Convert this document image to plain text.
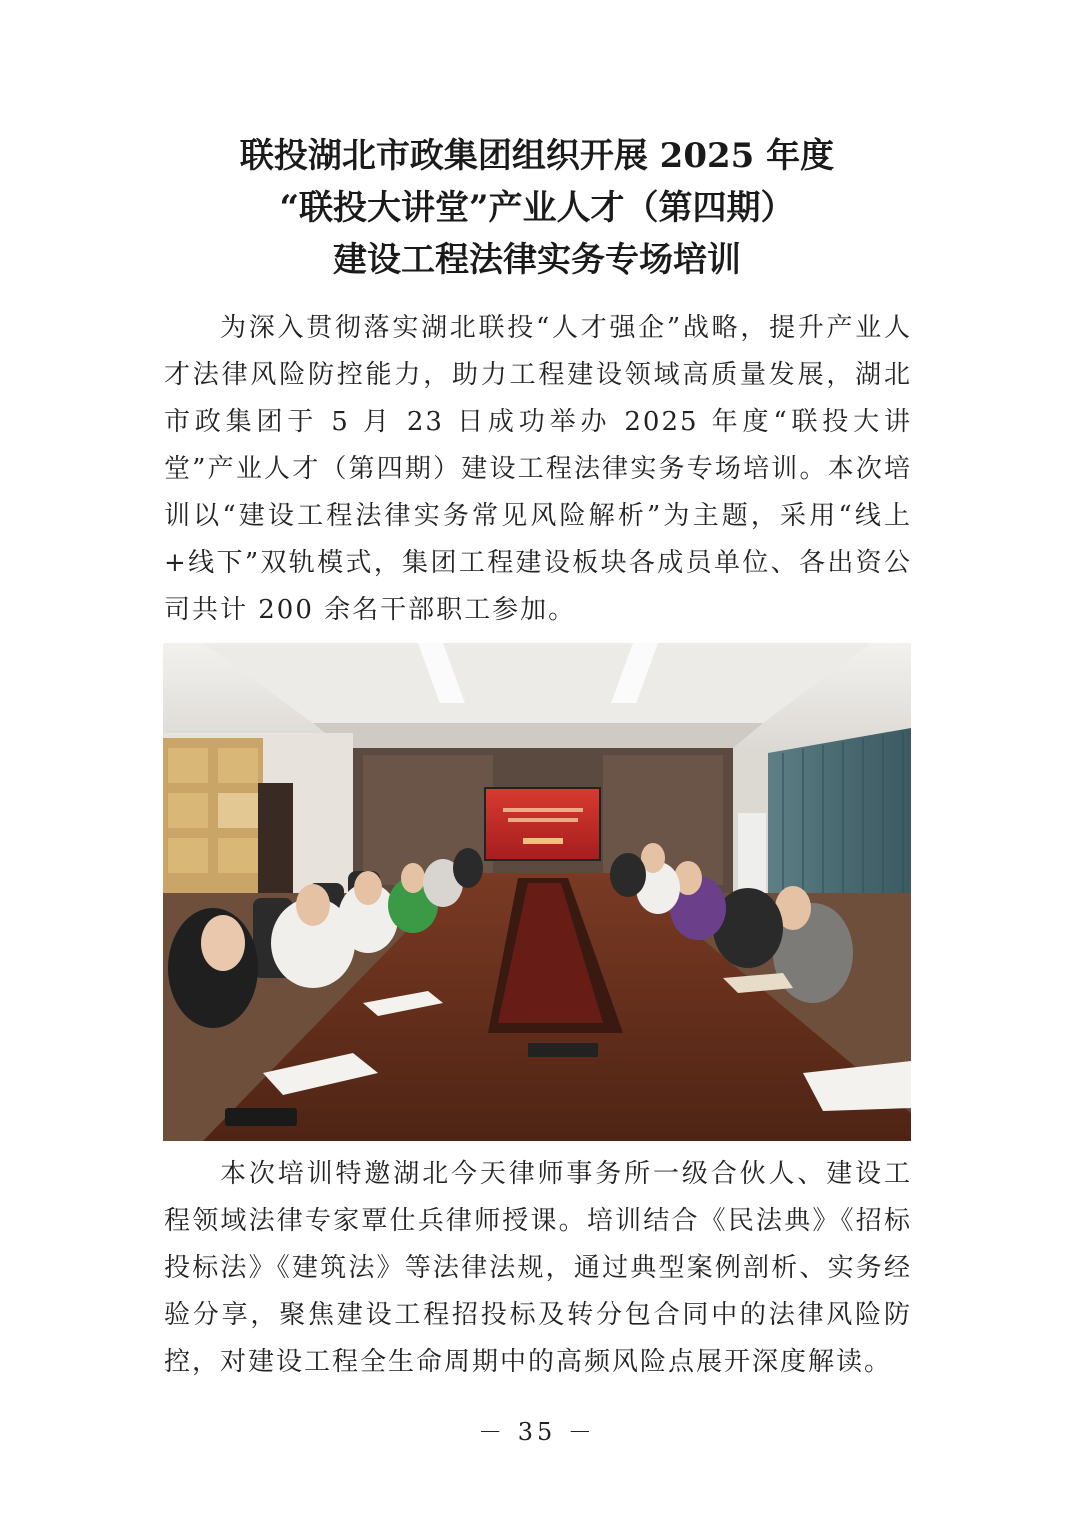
联投湖北市政集团组织开展 2025 年度
“联投大讲堂”产业人才（第四期）
建设工程法律实务专场培训

为深入贯彻落实湖北联投“人才强企”战略，提升产业人才法律风险防控能力，助力工程建设领域高质量发展，湖北市政集团于 5 月 23 日成功举办 2025 年度“联投大讲堂”产业人才（第四期）建设工程法律实务专场培训。本次培训以“建设工程法律实务常见风险解析”为主题，采用“线上+线下”双轨模式，集团工程建设板块各成员单位、各出资公司共计 200 余名干部职工参加。

本次培训特邀湖北今天律师事务所一级合伙人、建设工程领域法律专家覃仕兵律师授课。培训结合《民法典》《招标投标法》《建筑法》等法律法规，通过典型案例剖析、实务经验分享，聚焦建设工程招投标及转分包合同中的法律风险防控，对建设工程全生命周期中的高频风险点展开深度解读。

－ 35 －
